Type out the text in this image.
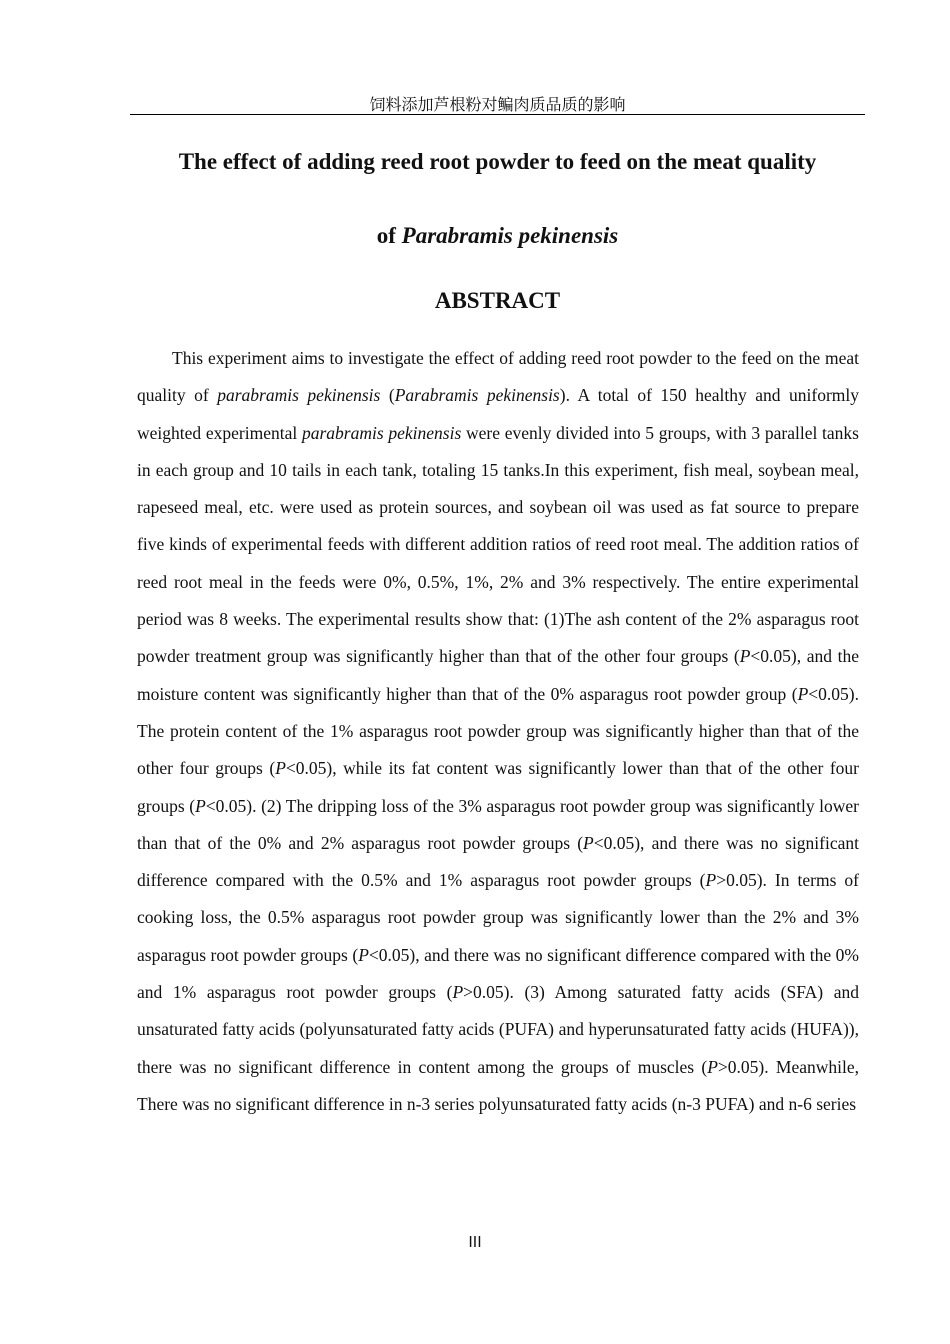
饲料添加芦根粉对鳊肉质品质的影响
The effect of adding reed root powder to feed on the meat quality
of Parabramis pekinensis
ABSTRACT

This experiment aims to investigate the effect of adding reed root powder to the feed on the meat quality of parabramis pekinensis (Parabramis pekinensis). A total of 150 healthy and uniformly weighted experimental parabramis pekinensis were evenly divided into 5 groups, with 3 parallel tanks in each group and 10 tails in each tank, totaling 15 tanks.In this experiment, fish meal, soybean meal, rapeseed meal, etc. were used as protein sources, and soybean oil was used as fat source to prepare five kinds of experimental feeds with different addition ratios of reed root meal. The addition ratios of reed root meal in the feeds were 0%, 0.5%, 1%, 2% and 3% respectively. The entire experimental period was 8 weeks. The experimental results show that: (1)The ash content of the 2% asparagus root powder treatment group was significantly higher than that of the other four groups (P<0.05), and the moisture content was significantly higher than that of the 0% asparagus root powder group (P<0.05). The protein content of the 1% asparagus root powder group was significantly higher than that of the other four groups (P<0.05), while its fat content was significantly lower than that of the other four groups (P<0.05). (2) The dripping loss of the 3% asparagus root powder group was significantly lower than that of the 0% and 2% asparagus root powder groups (P<0.05), and there was no significant difference compared with the 0.5% and 1% asparagus root powder groups (P>0.05). In terms of cooking loss, the 0.5% asparagus root powder group was significantly lower than the 2% and 3% asparagus root powder groups (P<0.05), and there was no significant difference compared with the 0% and 1% asparagus root powder groups (P>0.05). (3) Among saturated fatty acids (SFA) and unsaturated fatty acids (polyunsaturated fatty acids (PUFA) and hyperunsaturated fatty acids (HUFA)), there was no significant difference in content among the groups of muscles (P>0.05). Meanwhile, There was no significant difference in n-3 series polyunsaturated fatty acids (n-3 PUFA) and n-6 series

III
